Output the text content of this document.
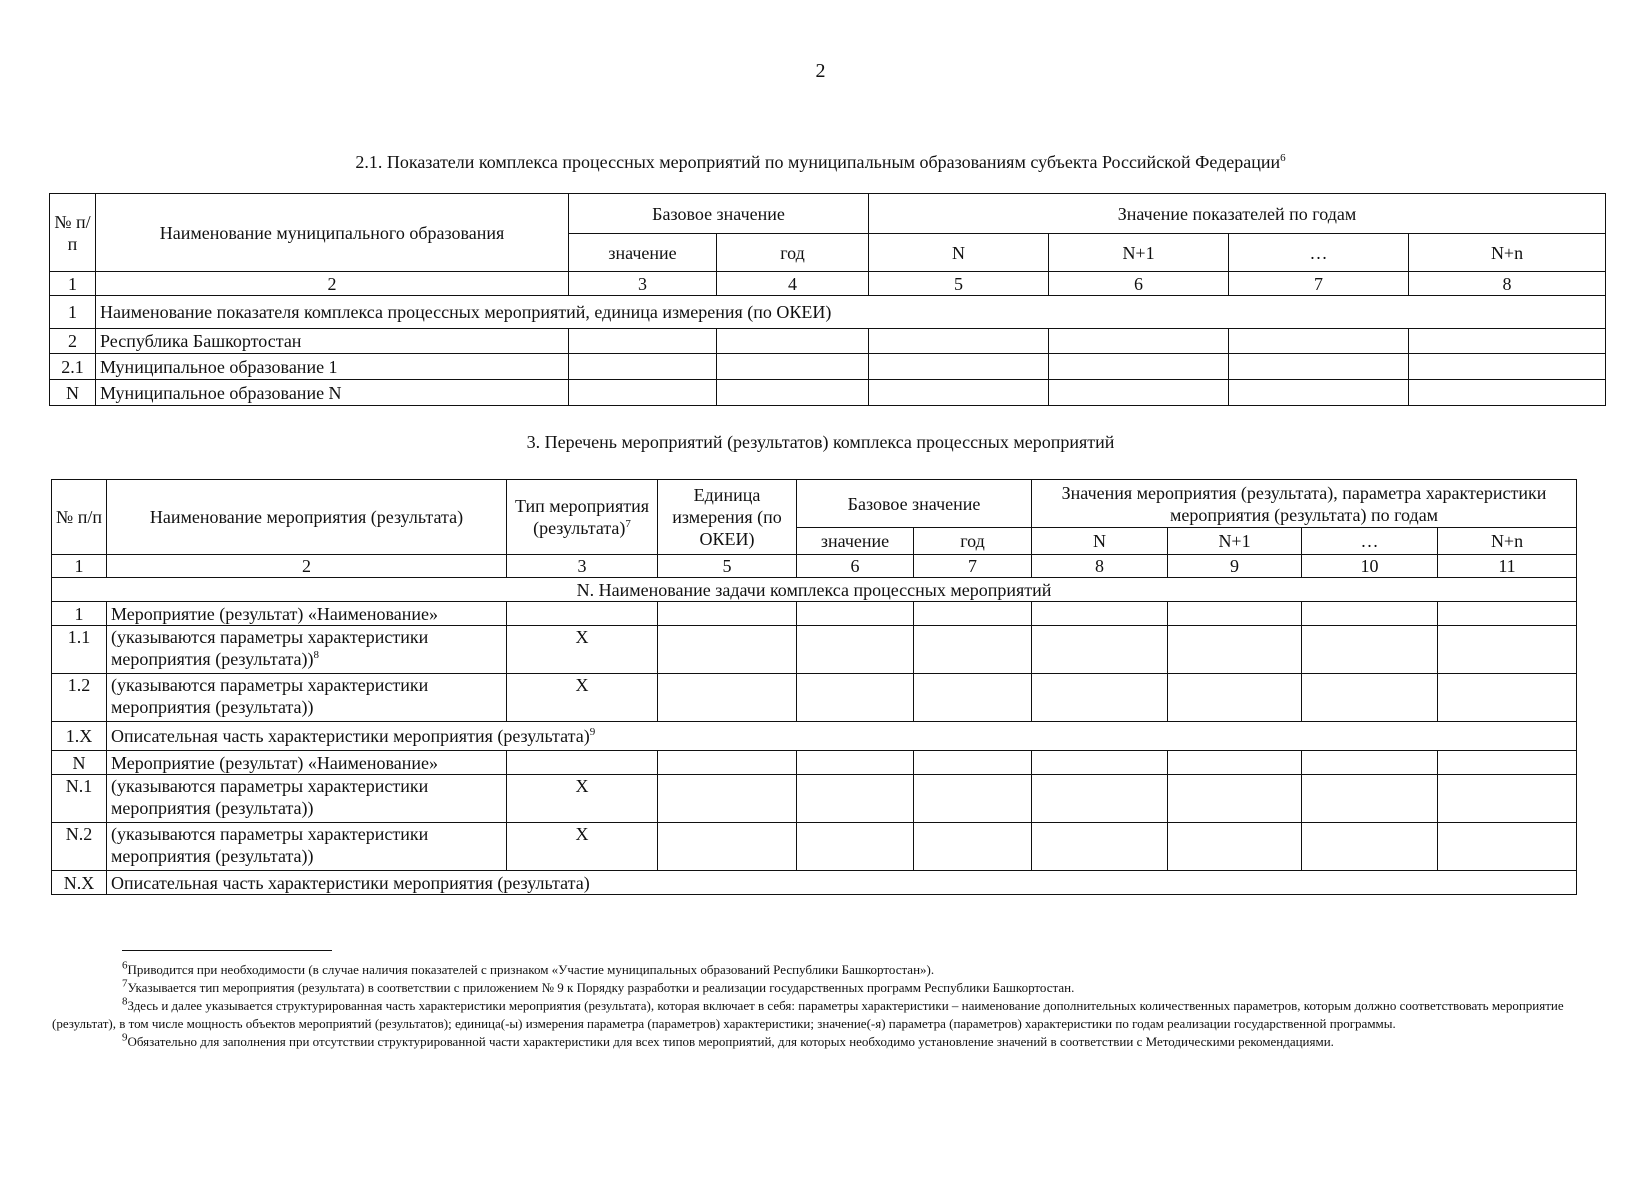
2
2.1. Показатели комплекса процессных мероприятий по муниципальным образованиям субъекта Российской Федерации$^6$
№ п/п	Наименование муниципального образования	Базовое значение		Значение показателей по годам			
		значение	год	N	N+1	…	N+n
1	2	3	4	5	6	7	8
1	Наименование показателя комплекса процессных мероприятий, единица измерения (по ОКЕИ)						
2	Республика Башкортостан						
2.1	Муниципальное образование 1						
N	Муниципальное образование N						
3. Перечень мероприятий (результатов) комплекса процессных мероприятий
№ п/п	Наименование мероприятия (результата)	Тип мероприятия (результата)$^7$	Единица измерения (по ОКЕИ)	Базовое значение		Значения мероприятия (результата), параметра характеристики мероприятия (результата) по годам			
				значение	год	N	N+1	…	N+n
1	2	3	5	6	7	8	9	10	11
N. Наименование задачи комплекса процессных мероприятий									
1	Мероприятие (результат) «Наименование»								
1.1	(указываются параметры характеристики мероприятия (результата))$^8$	X							
1.2	(указываются параметры характеристики мероприятия (результата))	X							
1.X	Описательная часть характеристики мероприятия (результата)$^9$
N	Мероприятие (результат) «Наименование»								
N.1	(указываются параметры характеристики мероприятия (результата))	X							
N.2	(указываются параметры характеристики мероприятия (результата))	X							
N.X	Описательная часть характеристики мероприятия (результата)								

$^6$Приводится при необходимости (в случае наличия показателей с признаком «Участие муниципальных образований Республики Башкортостан»).

$^7$Указывается тип мероприятия (результата) в соответствии с приложением № 9 к Порядку разработки и реализации государственных программ Республики Башкортостан.

$^8$Здесь и далее указывается структурированная часть характеристики мероприятия (результата), которая включает в себя: параметры характеристики – наименование дополнительных количественных параметров, которым должно соответствовать мероприятие (результат), в том числе мощность объектов мероприятий (результатов); единица(-ы) измерения параметра (параметров) характеристики; значение(-я) параметра (параметров) характеристики по годам реализации государственной программы.

$^9$Обязательно для заполнения при отсутствии структурированной части характеристики для всех типов мероприятий, для которых необходимо установление значений в соответствии с Методическими рекомендациями.
